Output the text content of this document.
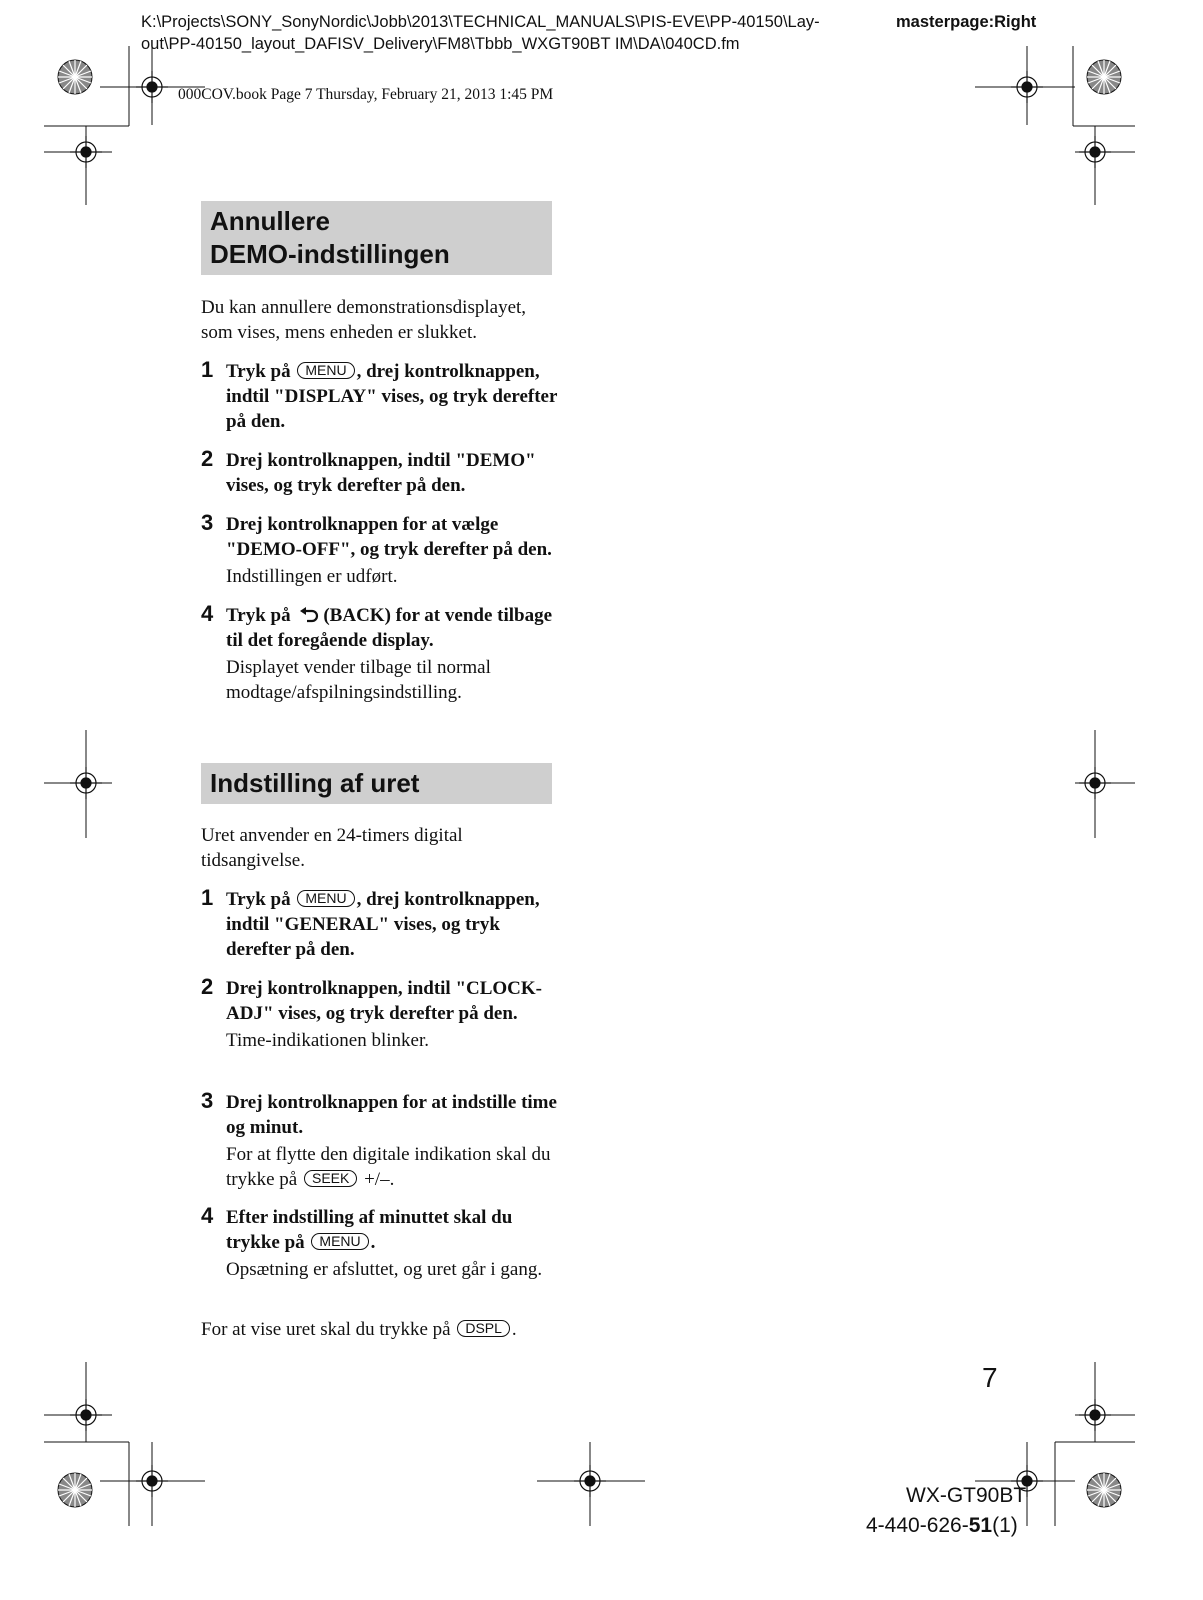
K:\Projects\SONY_SonyNordic\Jobb\2013\TECHNICAL_MANUALS\PIS-EVE\PP-40150\Lay-
out\PP-40150_layout_DAFISV_Delivery\FM8\Tbbb_WXGT90BT IM\DA\040CD.fm
masterpage:Right
000COV.book Page 7 Thursday, February 21, 2013 1:45 PM
Annullere
DEMO-indstillingen
Du kan annullere demonstrationsdisplayet, som vises, mens enheden er slukket.
1 Tryk på MENU , drej kontrolknappen, indtil "DISPLAY" vises, og tryk derefter på den.
2 Drej kontrolknappen, indtil "DEMO" vises, og tryk derefter på den.
3 Drej kontrolknappen for at vælge "DEMO-OFF", og tryk derefter på den.
Indstillingen er udført.
4 Tryk på (BACK) for at vende tilbage til det foregående display.
Displayet vender tilbage til normal modtage/afspilningsindstilling.
Indstilling af uret
Uret anvender en 24-timers digital tidsangivelse.
1 Tryk på MENU , drej kontrolknappen, indtil "GENERAL" vises, og tryk derefter på den.
2 Drej kontrolknappen, indtil "CLOCK-ADJ" vises, og tryk derefter på den.
Time-indikationen blinker.
3 Drej kontrolknappen for at indstille time og minut.
For at flytte den digitale indikation skal du trykke på SEEK +/–.
4 Efter indstilling af minuttet skal du trykke på MENU .
Opsætning er afsluttet, og uret går i gang.
For at vise uret skal du trykke på DSPL .
7
WX-GT90BT
4-440-626-51(1)
